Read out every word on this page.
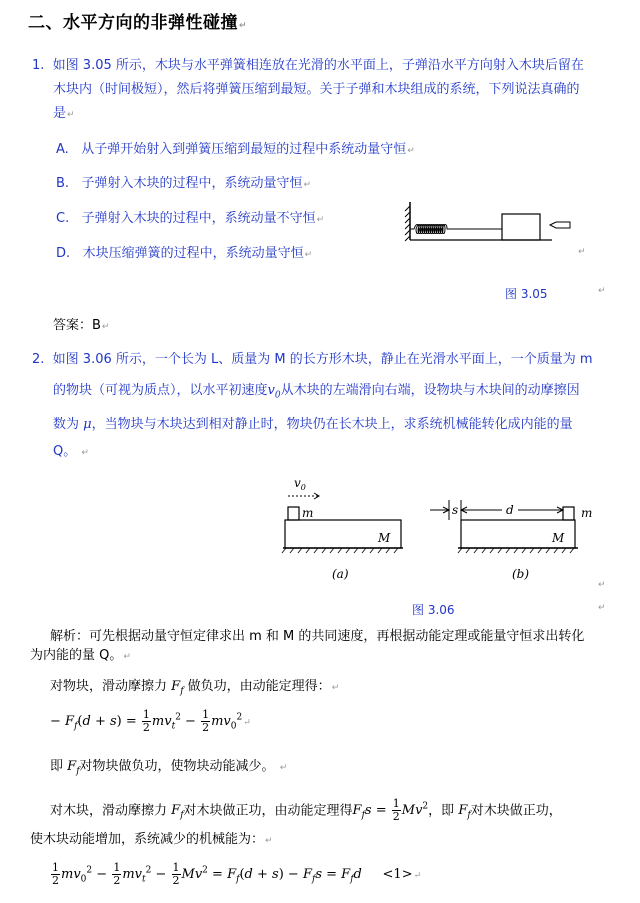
二、水平方向的非弹性碰撞↵
1. 如图 3.05 所示，木块与水平弹簧相连放在光滑的水平面上，子弹沿水平方向射入木块后留在
木块内（时间极短），然后将弹簧压缩到最短。关于子弹和木块组成的系统，下列说法真确的
是↵
A. 从子弹开始射入到弹簧压缩到最短的过程中系统动量守恒↵
B. 子弹射入木块的过程中，系统动量守恒↵
C. 子弹射入木块的过程中，系统动量不守恒↵
D. 木块压缩弹簧的过程中，系统动量守恒↵	↵
图 3.05	↵
答案：B↵
2. 如图 3.06 所示，一个长为 L、质量为 M 的长方形木块，静止在光滑水平面上，一个质量为 m
的物块（可视为质点），以水平初速度$v_0$从木块的左端滑向右端，设物块与木块间的动摩擦因
数为 μ，当物块与木块达到相对静止时，物块仍在长木块上，求系统机械能转化成内能的量
Q。 ↵
$v_0$
m
M
(a)
s	d	m
M
(b)
↵
图 3.06	↵
解析：可先根据动量守恒定律求出 m 和 M 的共同速度，再根据动能定理或能量守恒求出转化
为内能的量 Q。↵
对物块，滑动摩擦力 $F_f$ 做负功，由动能定理得：↵
− $F_f(d + s) = \frac{1}{2} mv_t^2 - \frac{1}{2}$ $mv_0^2↵$
即 $F_f$对物块做负功，使物块动能减少。 ↵
对木块，滑动摩擦力 $F_f$对木块做正功，由动能定理得$F_fs = \frac{1}{2} Mv^2$，即 $F_f$对木块做正功，
使木块动能增加，系统减少的机械能为：↵
$\frac{1}{2} mv_0^2 - \frac{1}{2} mv_t^2 - \frac{1}{2} Mv^2 = F_f(d + s) - F_fs = F_fd$ <1>↵
